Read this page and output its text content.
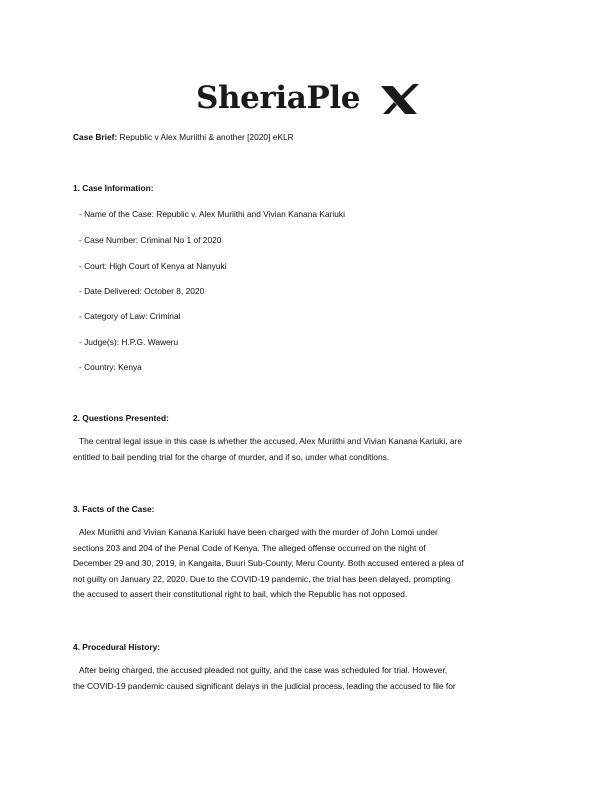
SheriaPle
Case Brief: Republic v Alex Muriithi & another [2020] eKLR
1. Case Information:
- Name of the Case: Republic v. Alex Muriithi and Vivian Kanana Kariuki
- Case Number: Criminal No 1 of 2020
- Court: High Court of Kenya at Nanyuki
- Date Delivered: October 8, 2020
- Category of Law: Criminal
- Judge(s): H.P.G. Waweru
- Country: Kenya
2. Questions Presented:
The central legal issue in this case is whether the accused, Alex Muriithi and Vivian Kanana Kariuki, are
entitled to bail pending trial for the charge of murder, and if so, under what conditions.
3. Facts of the Case:
Alex Muriithi and Vivian Kanana Kariuki have been charged with the murder of John Lomoi under
sections 203 and 204 of the Penal Code of Kenya. The alleged offense occurred on the night of
December 29 and 30, 2019, in Kangaita, Buuri Sub-County, Meru County. Both accused entered a plea of
not guilty on January 22, 2020. Due to the COVID-19 pandemic, the trial has been delayed, prompting
the accused to assert their constitutional right to bail, which the Republic has not opposed.
4. Procedural History:
After being charged, the accused pleaded not guilty, and the case was scheduled for trial. However,
the COVID-19 pandemic caused significant delays in the judicial process, leading the accused to file for
